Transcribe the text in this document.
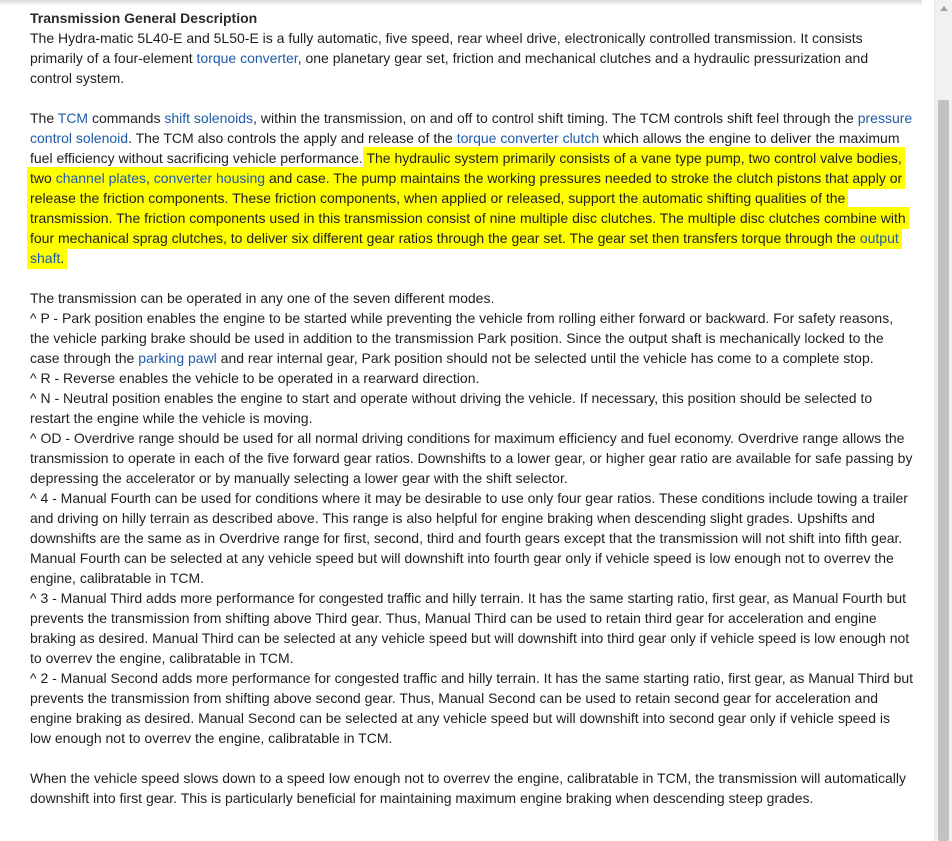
Transmission General Description

The Hydra-matic 5L40-E and 5L50-E is a fully automatic, five speed, rear wheel drive, electronically controlled transmission. It consists primarily of a four-element torque converter, one planetary gear set, friction and mechanical clutches and a hydraulic pressurization and control system.

The TCM commands shift solenoids, within the transmission, on and off to control shift timing. The TCM controls shift feel through the pressure control solenoid. The TCM also controls the apply and release of the torque converter clutch which allows the engine to deliver the maximum fuel efficiency without sacrificing vehicle performance. The hydraulic system primarily consists of a vane type pump, two control valve bodies, two channel plates, converter housing and case. The pump maintains the working pressures needed to stroke the clutch pistons that apply or release the friction components. These friction components, when applied or released, support the automatic shifting qualities of the transmission. The friction components used in this transmission consist of nine multiple disc clutches. The multiple disc clutches combine with four mechanical sprag clutches, to deliver six different gear ratios through the gear set. The gear set then transfers torque through the output shaft.

The transmission can be operated in any one of the seven different modes.

^ P - Park position enables the engine to be started while preventing the vehicle from rolling either forward or backward. For safety reasons, the vehicle parking brake should be used in addition to the transmission Park position. Since the output shaft is mechanically locked to the case through the parking pawl and rear internal gear, Park position should not be selected until the vehicle has come to a complete stop.

^ R - Reverse enables the vehicle to be operated in a rearward direction.

^ N - Neutral position enables the engine to start and operate without driving the vehicle. If necessary, this position should be selected to restart the engine while the vehicle is moving.

^ OD - Overdrive range should be used for all normal driving conditions for maximum efficiency and fuel economy. Overdrive range allows the transmission to operate in each of the five forward gear ratios. Downshifts to a lower gear, or higher gear ratio are available for safe passing by depressing the accelerator or by manually selecting a lower gear with the shift selector.

^ 4 - Manual Fourth can be used for conditions where it may be desirable to use only four gear ratios. These conditions include towing a trailer and driving on hilly terrain as described above. This range is also helpful for engine braking when descending slight grades. Upshifts and downshifts are the same as in Overdrive range for first, second, third and fourth gears except that the transmission will not shift into fifth gear. Manual Fourth can be selected at any vehicle speed but will downshift into fourth gear only if vehicle speed is low enough not to overrev the engine, calibratable in TCM.

^ 3 - Manual Third adds more performance for congested traffic and hilly terrain. It has the same starting ratio, first gear, as Manual Fourth but prevents the transmission from shifting above Third gear. Thus, Manual Third can be used to retain third gear for acceleration and engine braking as desired. Manual Third can be selected at any vehicle speed but will downshift into third gear only if vehicle speed is low enough not to overrev the engine, calibratable in TCM.

^ 2 - Manual Second adds more performance for congested traffic and hilly terrain. It has the same starting ratio, first gear, as Manual Third but prevents the transmission from shifting above second gear. Thus, Manual Second can be used to retain second gear for acceleration and engine braking as desired. Manual Second can be selected at any vehicle speed but will downshift into second gear only if vehicle speed is low enough not to overrev the engine, calibratable in TCM.

When the vehicle speed slows down to a speed low enough not to overrev the engine, calibratable in TCM, the transmission will automatically downshift into first gear. This is particularly beneficial for maintaining maximum engine braking when descending steep grades.
